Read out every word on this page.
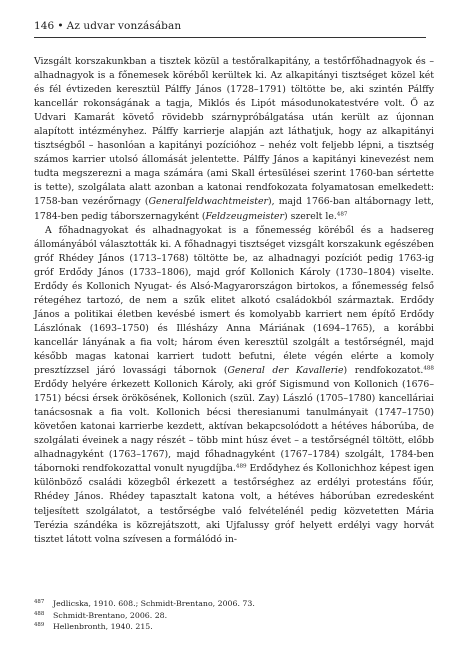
146 • Az udvar vonzásában

Vizsgált korszakunkban a tisztek közül a testőralkapitány, a testőrfőhadnagyok és – alhadnagyok is a főnemesek köréből kerültek ki. Az alkapitányi tisztséget közel két és fél évtizeden keresztül Pálffy János (1728–1791) töltötte be, aki szintén Pálffy kancellár rokonságának a tagja, Miklós és Lipót másodunokatestvére volt. Ő az Udvari Kamarát követő rövidebb szárnypróbálgatása után került az újonnan alapított intézményhez. Pálffy karrierje alapján azt láthatjuk, hogy az alkapitányi tisztségből – hasonlóan a kapitányi pozícióhoz – nehéz volt feljebb lépni, a tisztség számos karrier utolsó állomását jelentette. Pálffy János a kapitányi kinevezést nem tudta megszerezni a maga számára (ami Skall értesülései szerint 1760-ban sértette is tette), szolgálata alatt azonban a katonai rendfokozata folyamatosan emelkedett: 1758-ban vezérőrnagy (Generalfeldwachtmeister), majd 1766-ban altábornagy lett, 1784-ben pedig táborszernagyként (Feldzeugmeister) szerelt le.$^{487}$

A főhadnagyokat és alhadnagyokat is a főnemesség köréből és a hadsereg állományából választották ki. A főhadnagyi tisztséget vizsgált korszakunk egészében gróf Rhédey János (1713–1768) töltötte be, az alhadnagyi pozíciót pedig 1763-ig gróf Erdődy János (1733–1806), majd gróf Kollonich Károly (1730–1804) viselte. Erdődy és Kollonich Nyugat- és Alsó-Magyarországon birtokos, a főnemesség felső rétegéhez tartozó, de nem a szűk elitet alkotó családokból származtak. Erdődy János a politikai életben kevésbé ismert és komolyabb karriert nem építő Erdődy Lászlónak (1693–1750) és Illésházy Anna Máriának (1694–1765), a korábbi kancellár lányának a fia volt; három éven keresztül szolgált a testőrségnél, majd később magas katonai karriert tudott befutni, élete végén elérte a komoly presztízzsel járó lovassági tábornok (General der Kavallerie) rendfokozatot.$^{488}$ Erdődy helyére érkezett Kollonich Károly, aki gróf Sigismund von Kollonich (1676–1751) bécsi érsek örökösének, Kollonich (szül. Zay) László (1705–1780) kancelláriai tanácsosnak a fia volt. Kollonich bécsi theresianumi tanulmányait (1747–1750) követően katonai karrierbe kezdett, aktívan bekapcsolódott a hétéves háborúba, de szolgálati éveinek a nagy részét – több mint húsz évet – a testőrségnél töltött, előbb alhadnagyként (1763–1767), majd főhadnagyként (1767–1784) szolgált, 1784-ben tábornoki rendfokozattal vonult nyugdíjba.$^{489}$ Erdődyhez és Kollonichhoz képest igen különböző családi közegből érkezett a testőrséghez az erdélyi protestáns főúr, Rhédey János. Rhédey tapasztalt katona volt, a hétéves háborúban ezredesként teljesített szolgálatot, a testőrségbe való felvételénél pedig közvetetten Mária Terézia szándéka is közrejátszott, aki Ujfalussy gróf helyett erdélyi vagy horvát tisztet látott volna szívesen a formálódó in-

487	Jedlicska, 1910. 608.; Schmidt-Brentano, 2006. 73.
488	Schmidt-Brentano, 2006. 28.
489	Hellenbronth, 1940. 215.
